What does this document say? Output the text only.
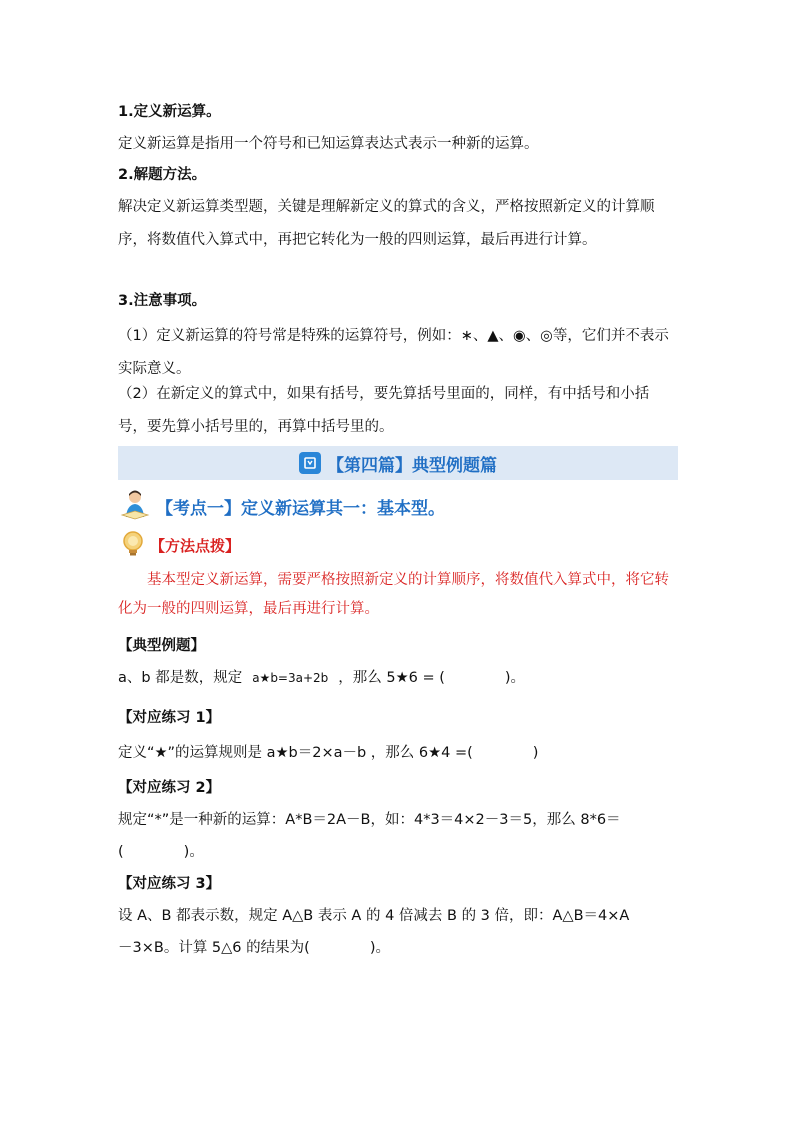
1.定义新运算。
定义新运算是指用一个符号和已知运算表达式表示一种新的运算。
2.解题方法。
解决定义新运算类型题，关键是理解新定义的算式的含义，严格按照新定义的计算顺序，将数值代入算式中，再把它转化为一般的四则运算，最后再进行计算。
3.注意事项。
（1）定义新运算的符号常是特殊的运算符号，例如：∗、▲、◉、◎等，它们并不表示实际意义。
（2）在新定义的算式中，如果有括号，要先算括号里面的，同样，有中括号和小括号，要先算小括号里的，再算中括号里的。
【第四篇】典型例题篇
【考点一】定义新运算其一：基本型。
【方法点拨】
基本型定义新运算，需要严格按照新定义的计算顺序，将数值代入算式中，将它转化为一般的四则运算，最后再进行计算。
【典型例题】
a、b 都是数，规定 a★b=3a+2b ，那么 5★6 = (	)。
【对应练习 1】
定义“★”的运算规则是 a★b＝2×a－b ，那么 6★4 =(	)
【对应练习 2】
规定“*”是一种新的运算：A*B＝2A－B，如：4*3＝4×2－3＝5，那么 8*6＝
(	)。
【对应练习 3】
设 A、B 都表示数，规定 A△B 表示 A 的 4 倍减去 B 的 3 倍，即：A△B＝4×A
－3×B。计算 5△6 的结果为(	)。
